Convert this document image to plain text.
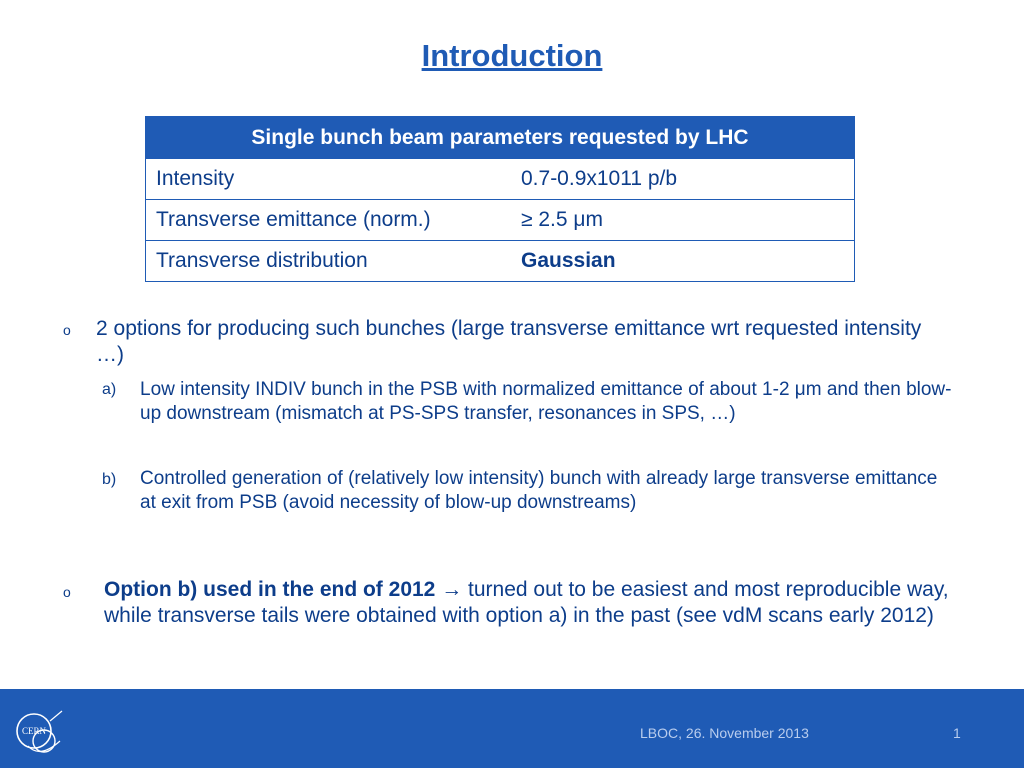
Introduction
Single bunch beam parameters requested by LHC	
Intensity	0.7-0.9x1011 p/b
Transverse emittance (norm.)	≥ 2.5 μm
Transverse distribution	Gaussian
o 2 options for producing such bunches (large transverse emittance wrt requested intensity …)
a) Low intensity INDIV bunch in the PSB with normalized emittance of about 1-2 μm and then blow-up downstream (mismatch at PS-SPS transfer, resonances in SPS, …)
b) Controlled generation of (relatively low intensity) bunch with already large transverse emittance at exit from PSB (avoid necessity of blow-up downstreams)
o Option b) used in the end of 2012 → turned out to be easiest and most reproducible way, while transverse tails were obtained with option a) in the past (see vdM scans early 2012)
CERN	LBOC, 26. November 2013	1
